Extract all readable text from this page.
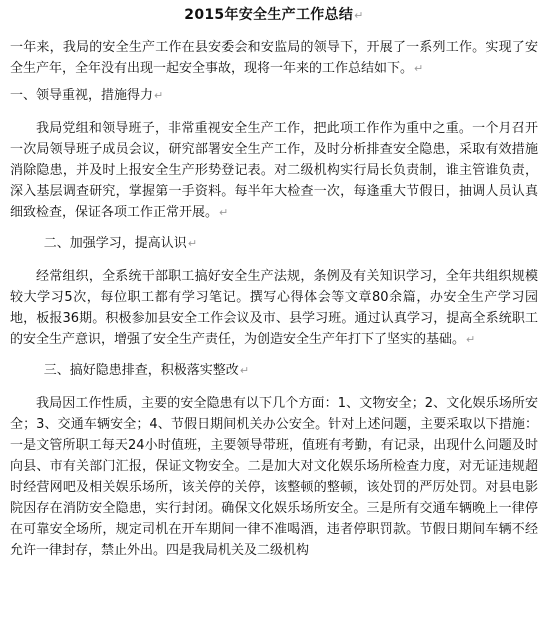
2015年安全生产工作总结↵

一年来，我局的安全生产工作在县安委会和安监局的领导下，开展了一系列工作。实现了安全生产年，全年没有出现一起安全事故，现将一年来的工作总结如下。↵

一、领导重视，措施得力↵

我局党组和领导班子，非常重视安全生产工作，把此项工作作为重中之重。一个月召开一次局领导班子成员会议，研究部署安全生产工作，及时分析排查安全隐患，采取有效措施消除隐患，并及时上报安全生产形势登记表。对二级机构实行局长负责制，谁主管谁负责，深入基层调查研究，掌握第一手资料。每半年大检查一次，每逢重大节假日，抽调人员认真细致检查，保证各项工作正常开展。↵

二、加强学习，提高认识↵

经常组织，全系统干部职工搞好安全生产法规，条例及有关知识学习，全年共组织规模较大学习5次，每位职工都有学习笔记。撰写心得体会等文章80余篇，办安全生产学习园地，板报36期。积极参加县安全工作会议及市、县学习班。通过认真学习，提高全系统职工的安全生产意识，增强了安全生产责任，为创造安全生产年打下了坚实的基础。↵

三、搞好隐患排查，积极落实整改↵

我局因工作性质，主要的安全隐患有以下几个方面：1、文物安全；2、文化娱乐场所安全；3、交通车辆安全；4、节假日期间机关办公安全。针对上述问题，主要采取以下措施：一是文管所职工每天24小时值班，主要领导带班，值班有考勤，有记录，出现什么问题及时向县、市有关部门汇报，保证文物安全。二是加大对文化娱乐场所检查力度，对无证违规超时经营网吧及相关娱乐场所，该关停的关停，该整顿的整顿，该处罚的严厉处罚。对县电影院因存在消防安全隐患，实行封闭。确保文化娱乐场所安全。三是所有交通车辆晚上一律停在可靠安全场所，规定司机在开车期间一律不准喝酒，违者停职罚款。节假日期间车辆不经允许一律封存，禁止外出。四是我局机关及二级机构
